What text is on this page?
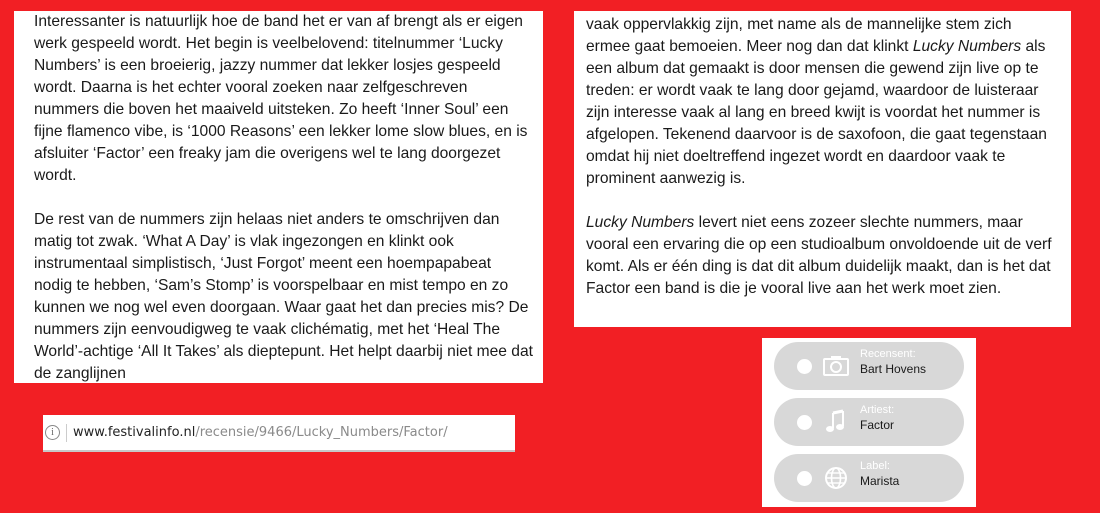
Interessanter is natuurlijk hoe de band het er van af brengt als er eigen werk gespeeld wordt. Het begin is veelbelovend: titelnummer ‘Lucky Numbers’ is een broeierig, jazzy nummer dat lekker losjes gespeeld wordt. Daarna is het echter vooral zoeken naar zelfgeschreven nummers die boven het maaiveld uitsteken. Zo heeft ‘Inner Soul’ een fijne flamenco vibe, is ‘1000 Reasons’ een lekker lome slow blues, en is afsluiter ‘Factor’ een freaky jam die overigens wel te lang doorgezet wordt.

De rest van de nummers zijn helaas niet anders te omschrijven dan matig tot zwak. ‘What A Day’ is vlak ingezongen en klinkt ook instrumentaal simplistisch, ‘Just Forgot’ meent een hoempapabeat nodig te hebben, ‘Sam’s Stomp’ is voorspelbaar en mist tempo en zo kunnen we nog wel even doorgaan. Waar gaat het dan precies mis? De nummers zijn eenvoudigweg te vaak clichématig, met het ‘Heal The World’-achtige ‘All It Takes’ als dieptepunt. Het helpt daarbij niet mee dat de zanglijnen

vaak oppervlakkig zijn, met name als de mannelijke stem zich ermee gaat bemoeien. Meer nog dan dat klinkt Lucky Numbers als een album dat gemaakt is door mensen die gewend zijn live op te treden: er wordt vaak te lang door gejamd, waardoor de luisteraar zijn interesse vaak al lang en breed kwijt is voordat het nummer is afgelopen. Tekenend daarvoor is de saxofoon, die gaat tegenstaan omdat hij niet doeltreffend ingezet wordt en daardoor vaak te prominent aanwezig is.

Lucky Numbers levert niet eens zozeer slechte nummers, maar vooral een ervaring die op een studioalbum onvoldoende uit de verf komt. Als er één ding is dat dit album duidelijk maakt, dan is het dat Factor een band is die je vooral live aan het werk moet zien.

i	www.festivalinfo.nl /recensie/9466/Lucky_Numbers/Factor/
Recensent:
Bart Hovens
Artiest:
Factor
Label:
Marista
